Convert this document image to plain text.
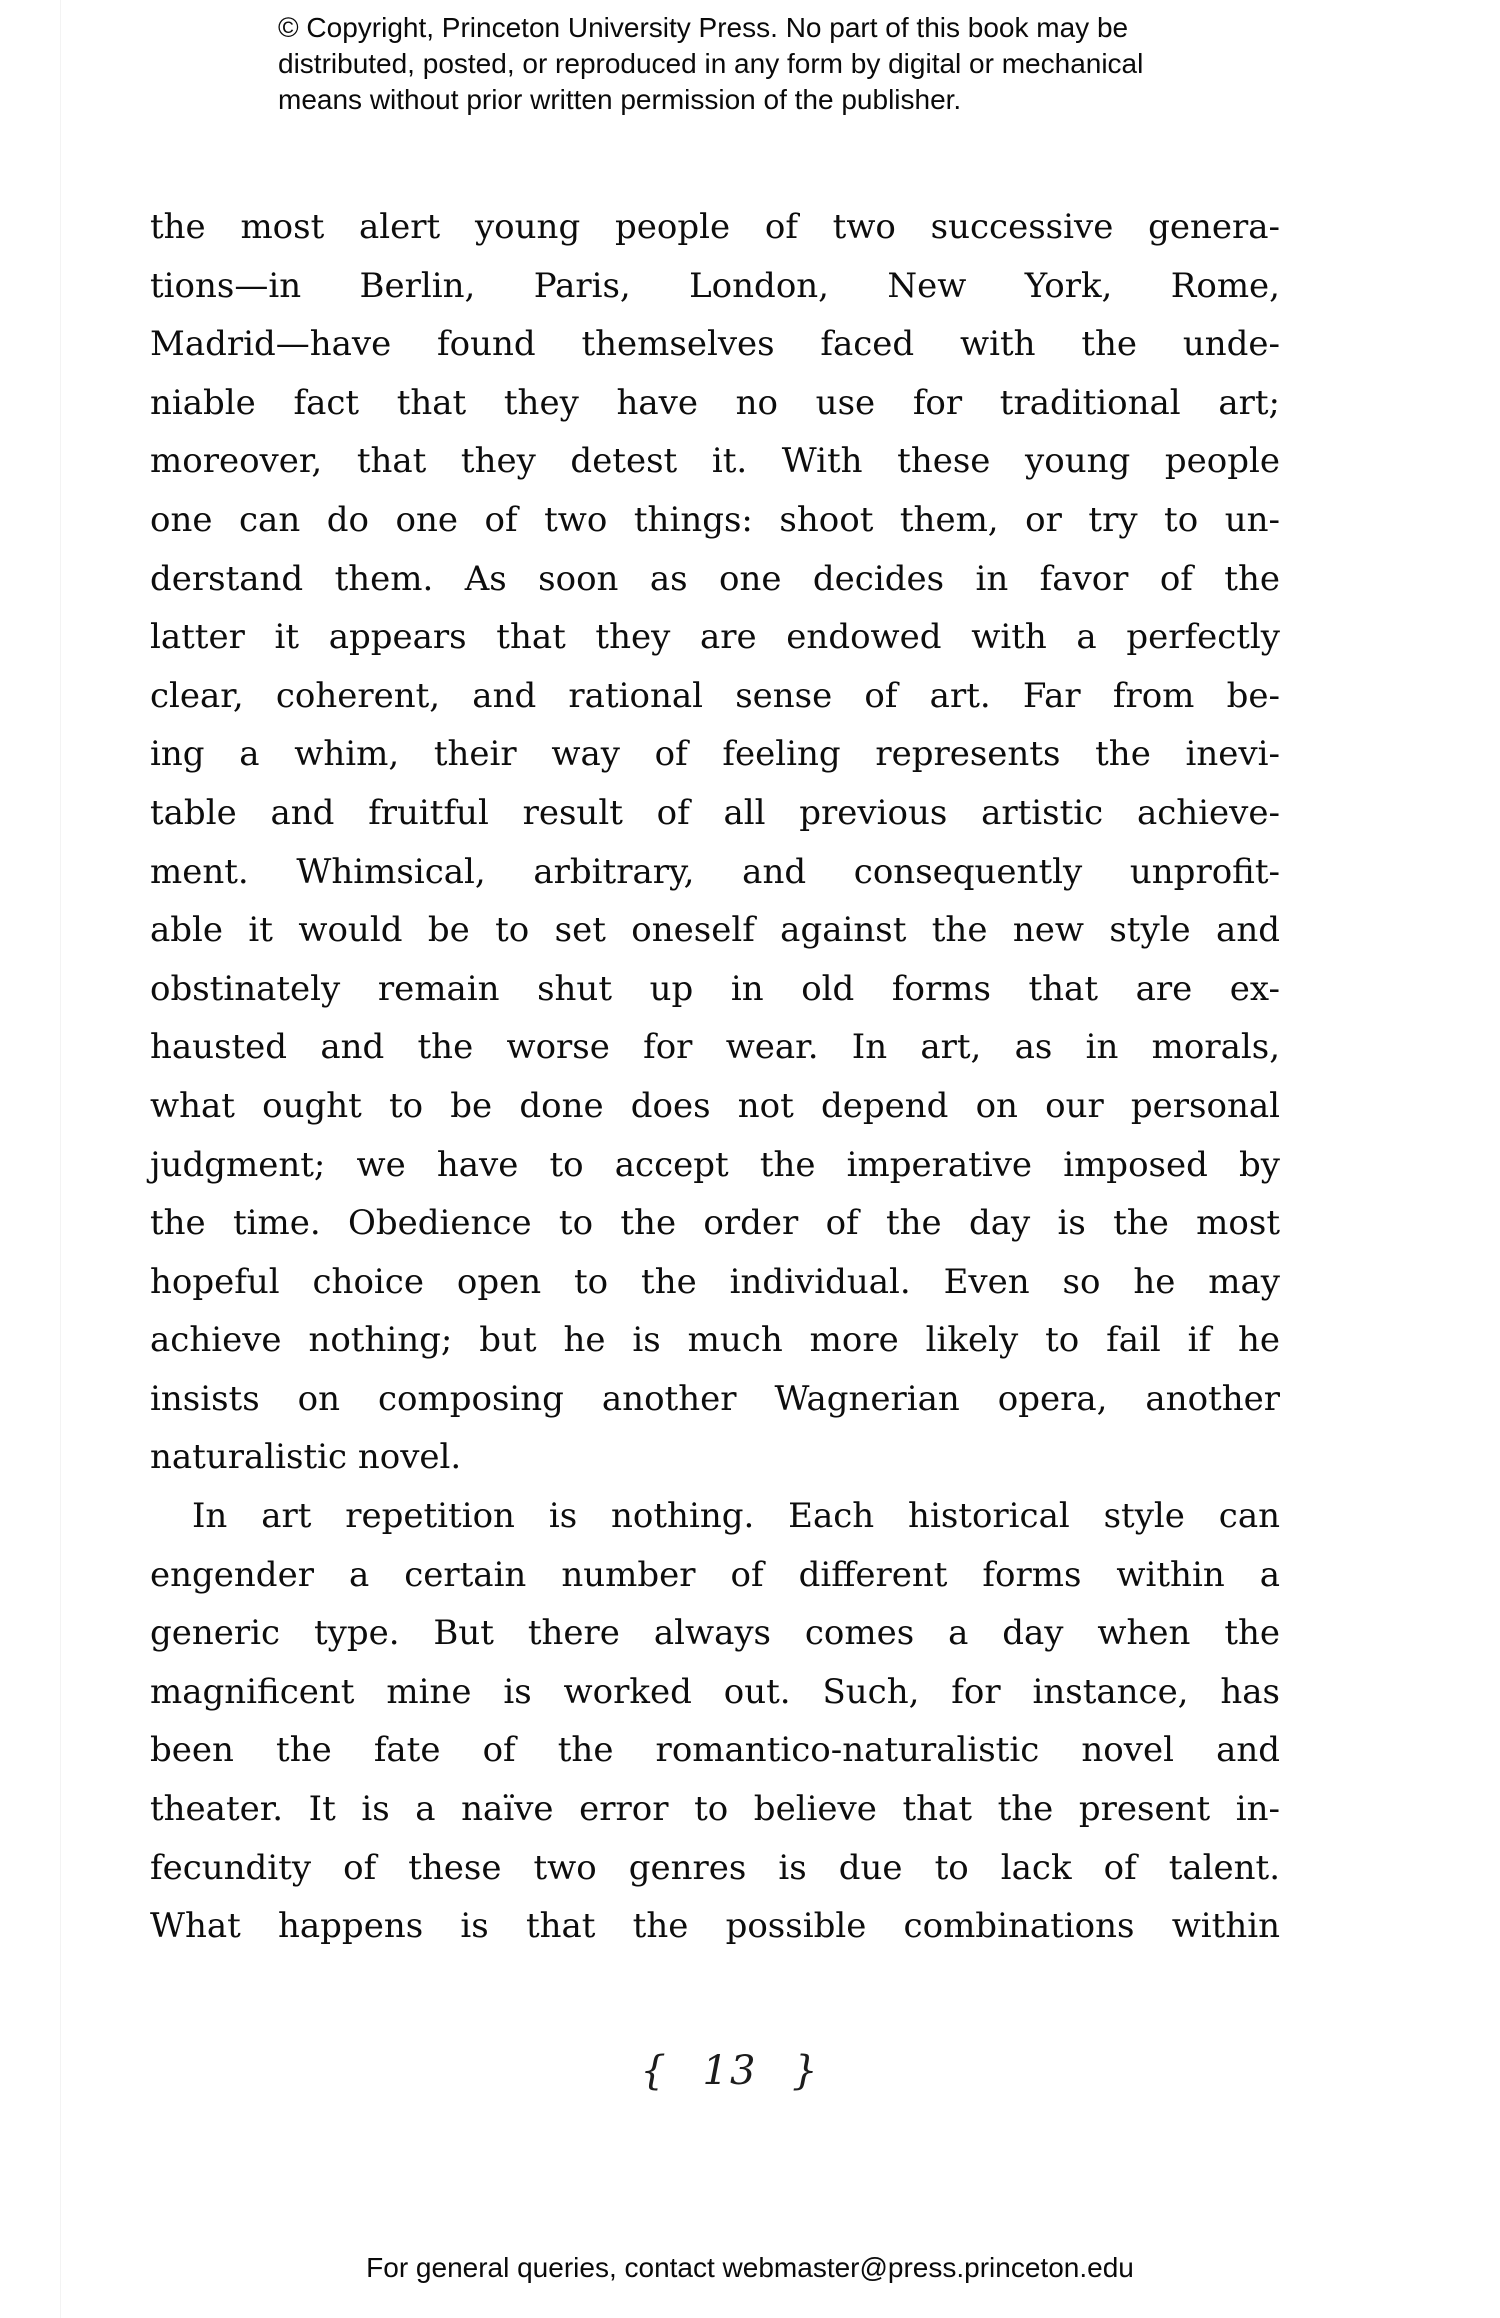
© Copyright, Princeton University Press. No part of this book may be
distributed, posted, or reproduced in any form by digital or mechanical
means without prior written permission of the publisher.
the most alert young people of two successive genera-
tions—in Berlin, Paris, London, New York, Rome,
Madrid—have found themselves faced with the unde-
niable fact that they have no use for traditional art;
moreover, that they detest it. With these young people
one can do one of two things: shoot them, or try to un-
derstand them. As soon as one decides in favor of the
latter it appears that they are endowed with a perfectly
clear, coherent, and rational sense of art. Far from be-
ing a whim, their way of feeling represents the inevi-
table and fruitful result of all previous artistic achieve-
ment. Whimsical, arbitrary, and consequently unprofit-
able it would be to set oneself against the new style and
obstinately remain shut up in old forms that are ex-
hausted and the worse for wear. In art, as in morals,
what ought to be done does not depend on our personal
judgment; we have to accept the imperative imposed by
the time. Obedience to the order of the day is the most
hopeful choice open to the individual. Even so he may
achieve nothing; but he is much more likely to fail if he
insists on composing another Wagnerian opera, another
naturalistic novel.
In art repetition is nothing. Each historical style can
engender a certain number of different forms within a
generic type. But there always comes a day when the
magnificent mine is worked out. Such, for instance, has
been the fate of the romantico-naturalistic novel and
theater. It is a naïve error to believe that the present in-
fecundity of these two genres is due to lack of talent.
What happens is that the possible combinations within
{ 13 }
For general queries, contact webmaster@press.princeton.edu
